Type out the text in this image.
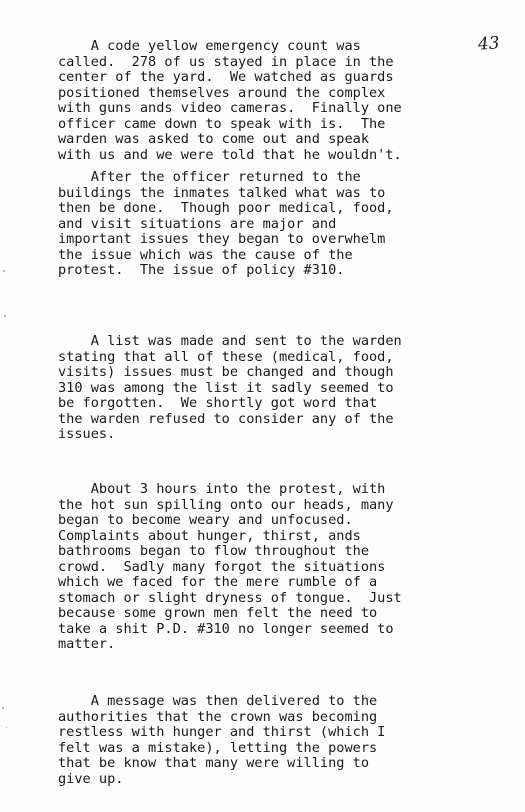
43

A code yellow emergency count was
called.  278 of us stayed in place in the
center of the yard.  We watched as guards
positioned themselves around the complex
with guns ands video cameras.  Finally one
officer came down to speak with is.  The
warden was asked to come out and speak
with us and we were told that he wouldn't.

After the officer returned to the
buildings the inmates talked what was to
then be done.  Though poor medical, food,
and visit situations are major and
important issues they began to overwhelm
the issue which was the cause of the
protest.  The issue of policy #310.

A list was made and sent to the warden
stating that all of these (medical, food,
visits) issues must be changed and though
310 was among the list it sadly seemed to
be forgotten.  We shortly got word that
the warden refused to consider any of the
issues.

About 3 hours into the protest, with
the hot sun spilling onto our heads, many
began to become weary and unfocused.
Complaints about hunger, thirst, ands
bathrooms began to flow throughout the
crowd.  Sadly many forgot the situations
which we faced for the mere rumble of a
stomach or slight dryness of tongue.  Just
because some grown men felt the need to
take a shit P.D. #310 no longer seemed to
matter.

A message was then delivered to the
authorities that the crown was becoming
restless with hunger and thirst (which I
felt was a mistake), letting the powers
that be know that many were willing to
give up.
